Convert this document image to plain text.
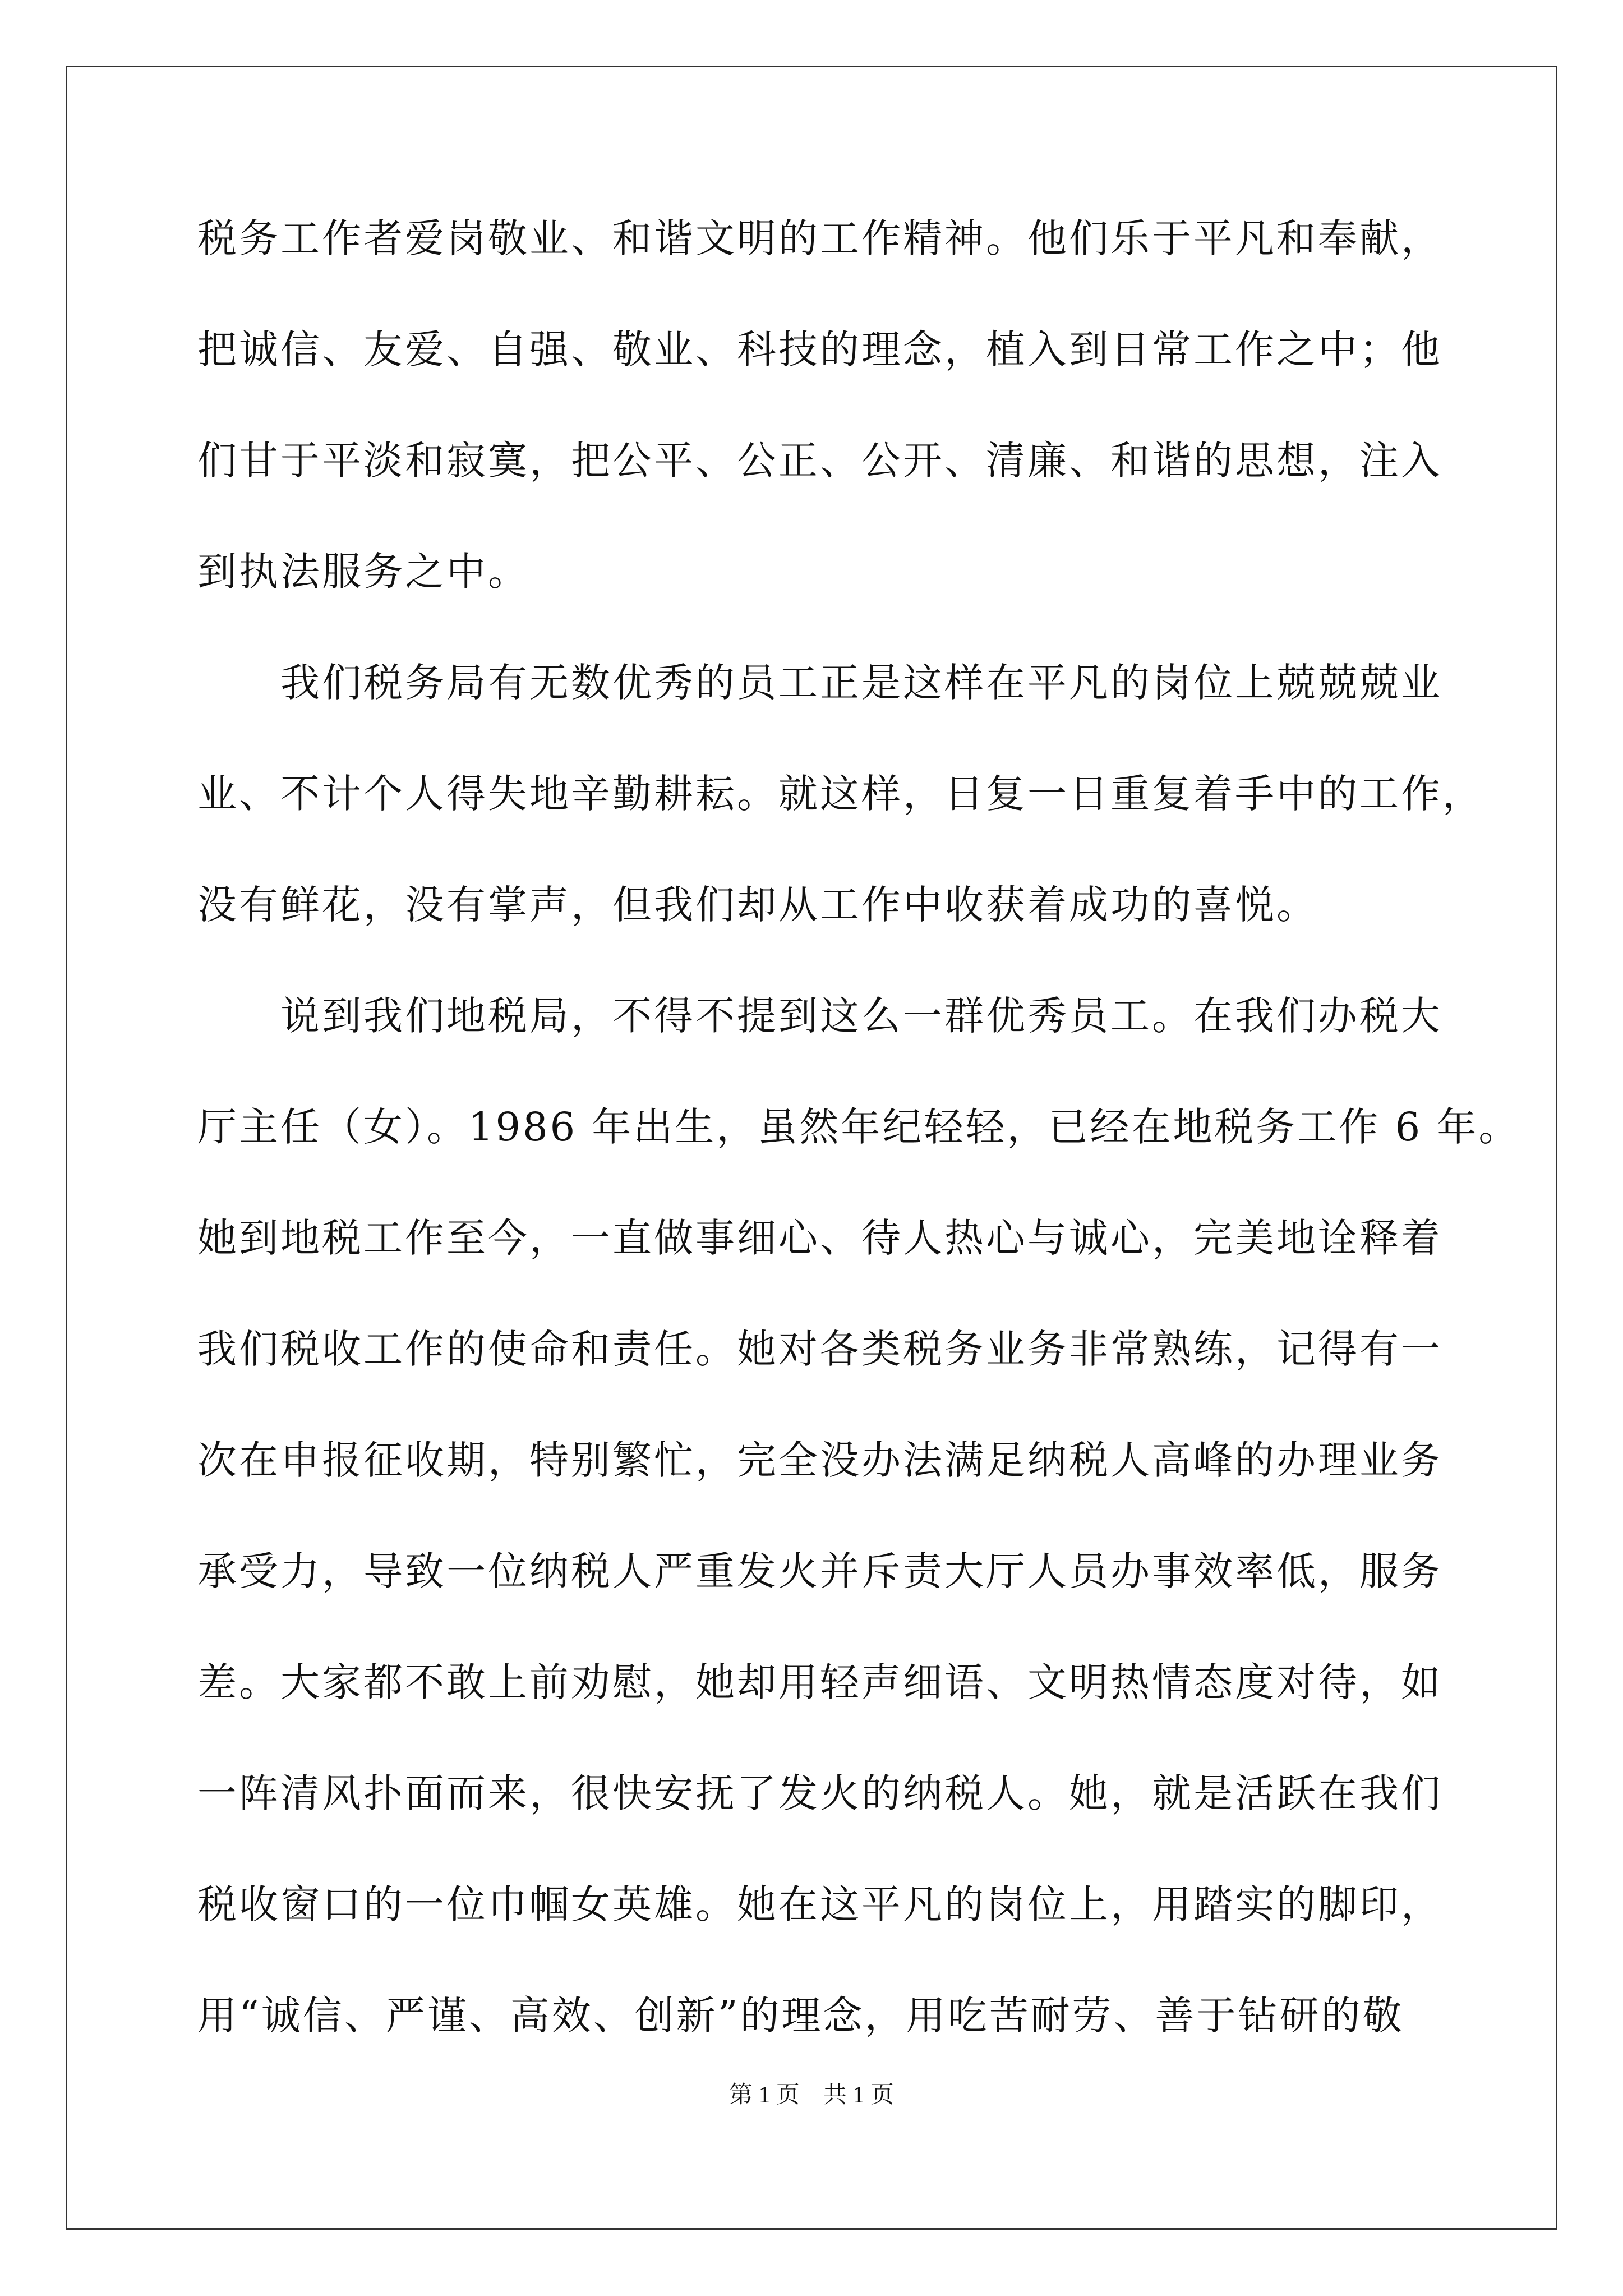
税务工作者爱岗敬业、和谐文明的工作精神。他们乐于平凡和奉献，
把诚信、友爱、自强、敬业、科技的理念，植入到日常工作之中；他
们甘于平淡和寂寞，把公平、公正、公开、清廉、和谐的思想，注入
到执法服务之中。
　　我们税务局有无数优秀的员工正是这样在平凡的岗位上兢兢兢业
业、不计个人得失地辛勤耕耘。就这样，日复一日重复着手中的工作，
没有鲜花，没有掌声，但我们却从工作中收获着成功的喜悦。
　　说到我们地税局，不得不提到这么一群优秀员工。在我们办税大
厅主任（女）。1986 年出生，虽然年纪轻轻，已经在地税务工作 6 年。
她到地税工作至今，一直做事细心、待人热心与诚心，完美地诠释着
我们税收工作的使命和责任。她对各类税务业务非常熟练，记得有一
次在申报征收期，特别繁忙，完全没办法满足纳税人高峰的办理业务
承受力，导致一位纳税人严重发火并斥责大厅人员办事效率低，服务
差。大家都不敢上前劝慰，她却用轻声细语、文明热情态度对待，如
一阵清风扑面而来，很快安抚了发火的纳税人。她，就是活跃在我们
税收窗口的一位巾帼女英雄。她在这平凡的岗位上，用踏实的脚印，
用“诚信、严谨、高效、创新”的理念，用吃苦耐劳、善于钻研的敬
第 1 页　共 1 页
